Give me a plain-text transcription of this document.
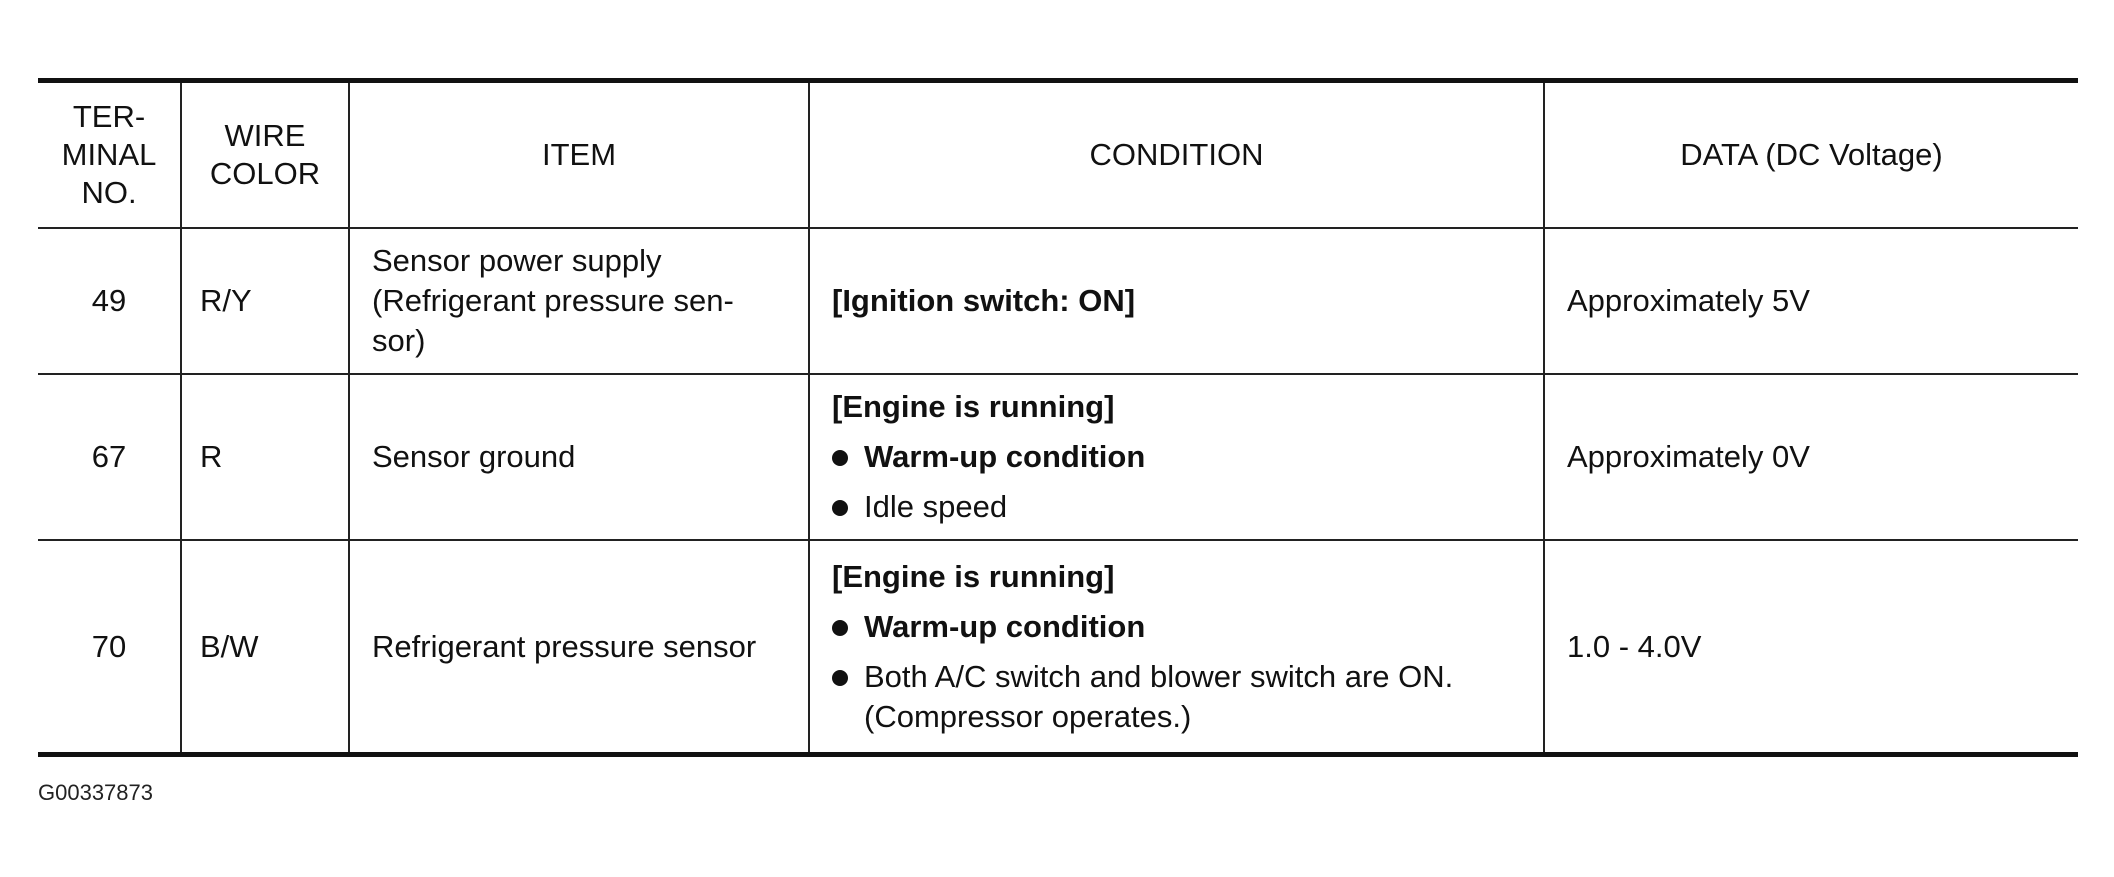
TER-
MINAL
NO.	WIRE
COLOR	ITEM	CONDITION	DATA (DC Voltage)
49	R/Y	Sensor power supply
(Refrigerant pressure sen-
sor)	[Ignition switch: ON]	Approximately 5V
67	R	Sensor ground	[Engine is running]
Warm-up condition
Idle speed	Approximately 0V
70	B/W	Refrigerant pressure sensor	[Engine is running]
Warm-up condition
Both A/C switch and blower switch are ON.
(Compressor operates.)	1.0 - 4.0V
G00337873
